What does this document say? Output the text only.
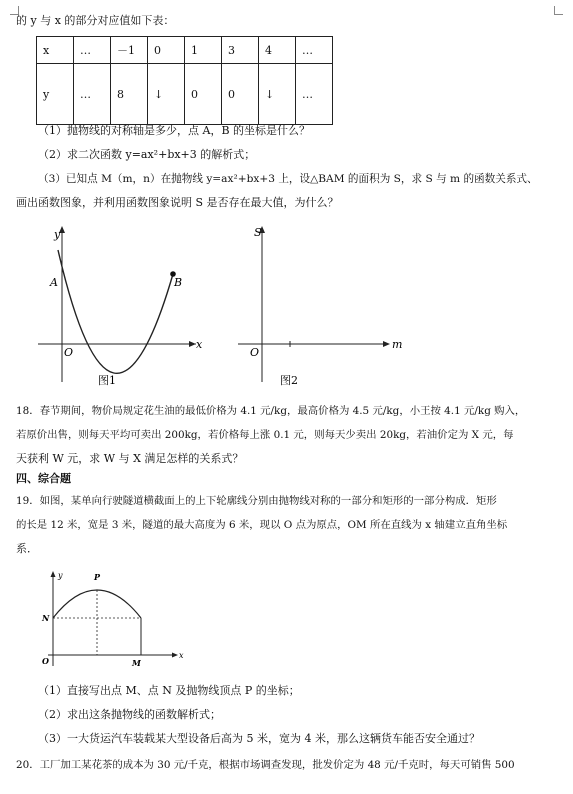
的 y 与 x 的部分对应值如下表：
x	…	－1	0	1	3	4	…
y	…	8	↓	0	0	↓	…
（1）抛物线的对称轴是多少，点 A，B 的坐标是什么？
（2）求二次函数 y=ax²+bx+3 的解析式；
（3）已知点 M（m，n）在抛物线 y=ax²+bx+3 上，设△BAM 的面积为 S，求 S 与 m 的函数关系式、
画出函数图象，并利用函数图象说明 S 是否存在最大值，为什么？
y
x
O
A	B
图1
S
m
O
图2
18．春节期间，物价局规定花生油的最低价格为 4.1 元/kg，最高价格为 4.5 元/kg，小王按 4.1 元/kg 购入，
若原价出售，则每天平均可卖出 200kg，若价格每上涨 0.1 元，则每天少卖出 20kg，若油价定为 X 元，每
天获利 W 元，求 W 与 X 满足怎样的关系式？
四、综合题
19．如图，某单向行驶隧道横截面上的上下轮廓线分别由抛物线对称的一部分和矩形的一部分构成．矩形
的长是 12 米，宽是 3 米，隧道的最大高度为 6 米，现以 O 点为原点，OM 所在直线为 x 轴建立直角坐标
系．
y
x
P
N
O	M
（1）直接写出点 M、点 N 及抛物线顶点 P 的坐标；
（2）求出这条抛物线的函数解析式；
（3）一大货运汽车装载某大型设备后高为 5 米，宽为 4 米，那么这辆货车能否安全通过？
20．工厂加工某花茶的成本为 30 元/千克，根据市场调查发现，批发价定为 48 元/千克时，每天可销售 500
